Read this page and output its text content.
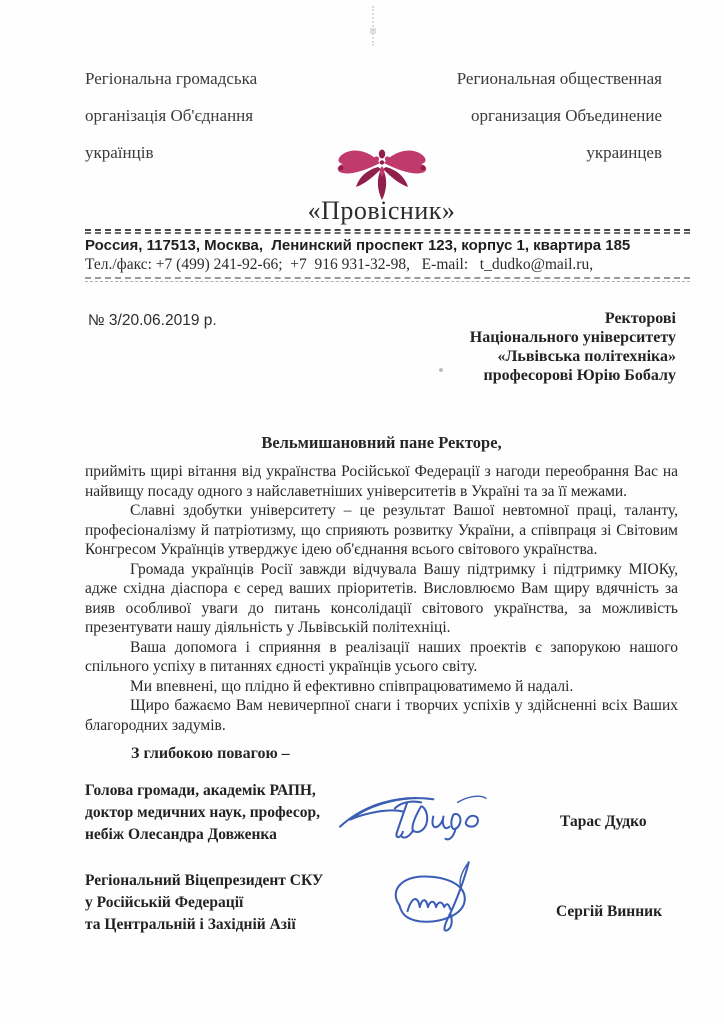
Регіональна громадська
організація Об'єднання
українців
Региональная общественная
организация Объединение
украинцев
«Провісник»
Россия, 117513, Москва,  Ленинский проспект 123, корпус 1, квартира 185
Тел./факс: +7 (499) 241-92-66;  +7  916 931-32-98,   E-mail:   t_dudko@mail.ru,
№ 3/20.06.2019 р.	Ректорові
Національного університету
«Львівська політехніка»
професорові Юрію Бобалу
Вельмишановний пане Ректоре,

прийміть щирі вітання від українства Російської Федерації з нагоди переобрання Вас на найвищу посаду одного з найславетніших університетів в Україні та за її межами.

Славні здобутки університету – це результат Вашої невтомної праці, таланту, професіоналізму й патріотизму, що сприяють розвитку України, а співпраця зі Світовим Конгресом Українців утверджує ідею об'єднання всього світового українства.

Громада українців Росії завжди відчувала Вашу підтримку і підтримку МІОКу, адже східна діаспора є серед ваших пріоритетів. Висловлюємо Вам щиру вдячність за вияв особливої уваги до питань консолідації світового українства, за можливість презентувати нашу діяльність у Львівській політехніці.

Ваша допомога і сприяння в реалізації наших проектів є запорукою нашого спільного успіху в питаннях єдності українців усього світу.

Ми впевнені, що плідно й ефективно співпрацюватимемо й надалі.

Щиро бажаємо Вам невичерпної снаги і творчих успіхів у здійсненні всіх Ваших благородних задумів.

З глибокою повагою –
Голова громади, академік РАПН,
доктор медичних наук, професор,
небіж Олесандра Довженка
Тарас Дудко
Регіональний Віцепрезидент СКУ
у Російській Федерації
та Центральній і Західній Азії
Сергій Винник
